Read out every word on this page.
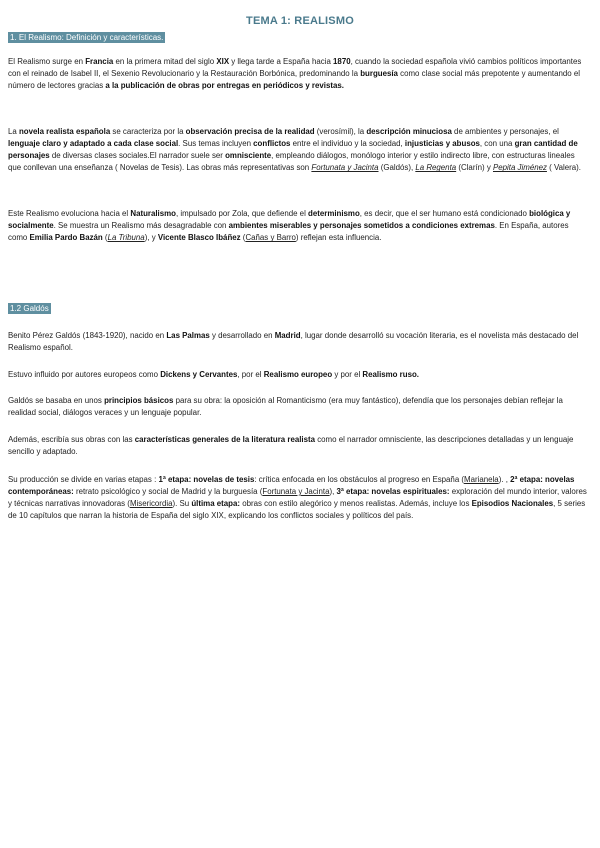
TEMA 1: REALISMO
1. El Realismo: Definición y características.
El Realismo surge en Francia en la primera mitad del siglo XIX y llega tarde a España hacia 1870, cuando la sociedad española vivió cambios políticos importantes con el reinado de Isabel II, el Sexenio Revolucionario y la Restauración Borbónica, predominando la burguesía como clase social más prepotente y aumentando el número de lectores gracias a la publicación de obras por entregas en periódicos y revistas.
La novela realista española se caracteriza por la observación precisa de la realidad (verosímil), la descripción minuciosa de ambientes y personajes, el lenguaje claro y adaptado a cada clase social. Sus temas incluyen conflictos entre el individuo y la sociedad, injusticias y abusos, con una gran cantidad de personajes de diversas clases sociales.El narrador suele ser omnisciente, empleando diálogos, monólogo interior y estilo indirecto libre, con estructuras lineales que conllevan una enseñanza ( Novelas de Tesis). Las obras más representativas son Fortunata y Jacinta (Galdós), La Regenta (Clarín) y Pepita Jiménez ( Valera).
Este Realismo evoluciona hacia el Naturalismo, impulsado por Zola, que defiende el determinismo, es decir, que el ser humano está condicionado biológica y socialmente. Se muestra un Realismo más desagradable con ambientes miserables y personajes sometidos a condiciones extremas. En España, autores como Emilia Pardo Bazán (La Tribuna), y Vicente Blasco Ibáñez (Cañas y Barro) reflejan esta influencia.
1.2 Galdós
Benito Pérez Galdós (1843-1920), nacido en Las Palmas y desarrollado en Madrid, lugar donde desarrolló su vocación literaria, es el novelista más destacado del Realismo español.
Estuvo influido por autores europeos como Dickens y Cervantes, por el Realismo europeo y por el Realismo ruso.
Galdós se basaba en unos principios básicos para su obra: la oposición al Romanticismo (era muy fantástico), defendía que los personajes debían reflejar la realidad social, diálogos veraces y un lenguaje popular.
Además, escribía sus obras con las características generales de la literatura realista como el narrador omnisciente, las descripciones detalladas y un lenguaje sencillo y adaptado.
Su producción se divide en varias etapas : 1ª etapa: novelas de tesis: crítica enfocada en los obstáculos al progreso en España (Marianela). , 2ª etapa: novelas contemporáneas: retrato psicológico y social de Madrid y la burguesía (Fortunata y Jacinta), 3ª etapa: novelas espirituales: exploración del mundo interior, valores y técnicas narrativas innovadoras (Misericordia). Su última etapa: obras con estilo alegórico y menos realistas. Además, incluye los Episodios Nacionales, 5 series de 10 capítulos que narran la historia de España del siglo XIX, explicando los conflictos sociales y políticos del país.
